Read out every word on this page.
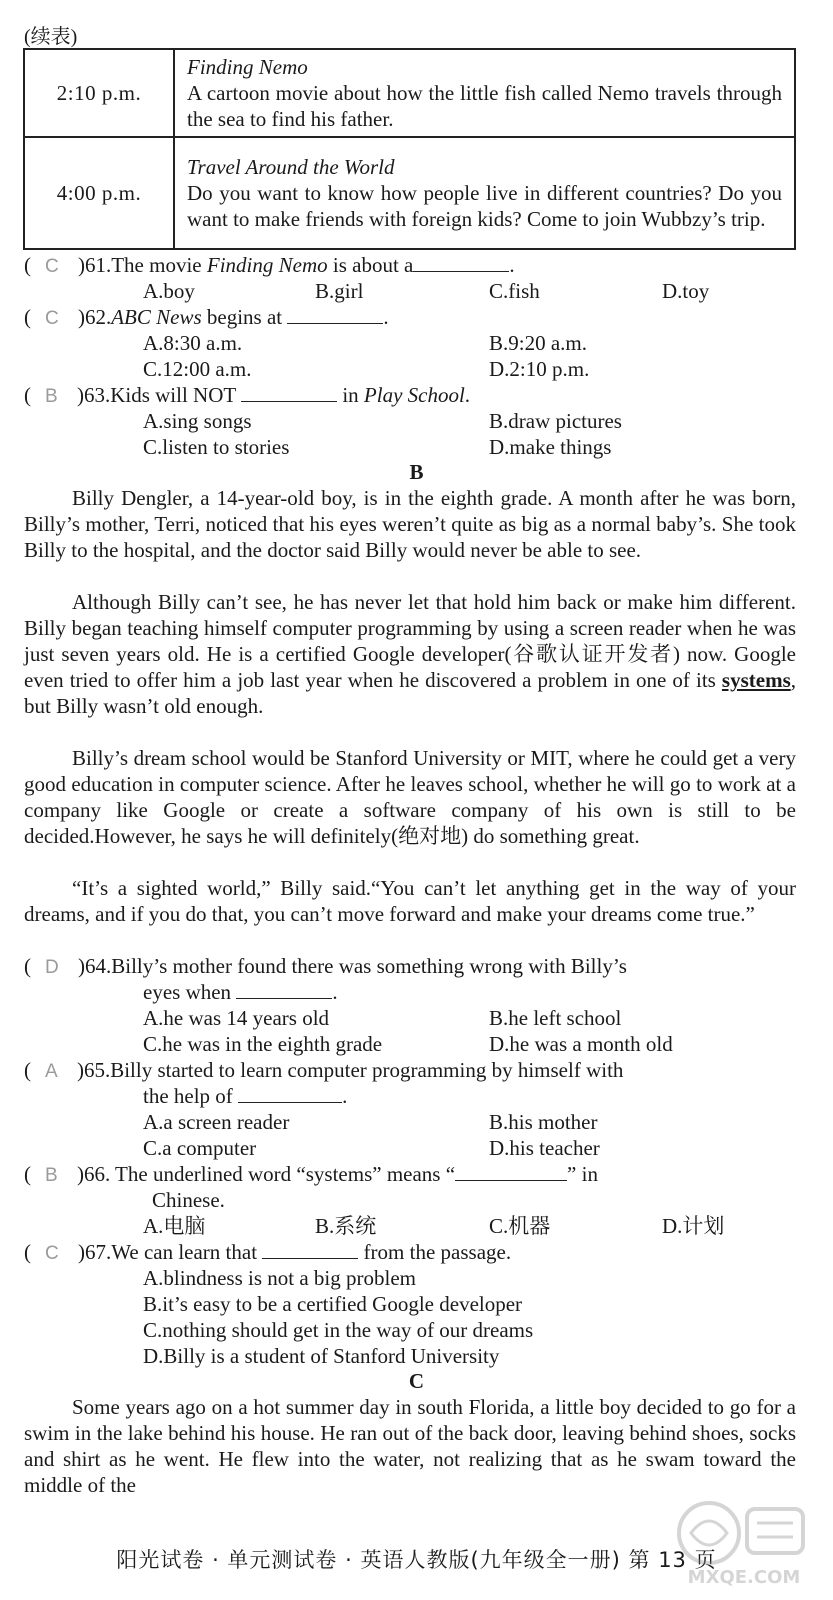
(续表)
2:10 p.m.	Finding Nemo
A cartoon movie about how the little fish called Nemo travels through the sea to find his father.
4:00 p.m.	Travel Around the World
Do you want to know how people live in different countries? Do you want to make friends with foreign kids? Come to join Wubbzy’s trip.
( C )61.The movie Finding Nemo is about a	.
A.boy	B.girl	C.fish	D.toy
( C )62.ABC News begins at	.
A.8:30 a.m.	B.9:20 a.m.
C.12:00 a.m.	D.2:10 p.m.
( B )63.Kids will NOT	in Play School.
A.sing songs	B.draw pictures
C.listen to stories	D.make things
B
Billy Dengler, a 14-year-old boy, is in the eighth grade. A month after he was born, Billy’s mother, Terri, noticed that his eyes weren’t quite as big as a normal baby’s. She took Billy to the hospital, and the doctor said Billy would never be able to see.
Although Billy can’t see, he has never let that hold him back or make him different. Billy began teaching himself computer programming by using a screen reader when he was just seven years old. He is a certified Google developer(谷歌认证开发者) now. Google even tried to offer him a job last year when he discovered a problem in one of its systems, but Billy wasn’t old enough.
Billy’s dream school would be Stanford University or MIT, where he could get a very good education in computer science. After he leaves school, whether he will go to work at a company like Google or create a software company of his own is still to be decided.However, he says he will definitely(绝对地) do something great.
“It’s a sighted world,” Billy said.“You can’t let anything get in the way of your dreams, and if you do that, you can’t move forward and make your dreams come true.”
( D )64.Billy’s mother found there was something wrong with Billy’s
eyes when	.
A.he was 14 years old	B.he left school
C.he was in the eighth grade	D.he was a month old
( A )65.Billy started to learn computer programming by himself with
the help of	.
A.a screen reader	B.his mother
C.a computer	D.his teacher
( B )66. The underlined word “systems” means “	” in
Chinese.
A.电脑	B.系统	C.机器	D.计划
( C )67.We can learn that	from the passage.
A.blindness is not a big problem
B.it’s easy to be a certified Google developer
C.nothing should get in the way of our dreams
D.Billy is a student of Stanford University
C
Some years ago on a hot summer day in south Florida, a little boy decided to go for a swim in the lake behind his house. He ran out of the back door, leaving behind shoes, socks and shirt as he went. He flew into the water, not realizing that as he swam toward the middle of the
阳光试卷 · 单元测试卷 · 英语人教版(九年级全一册) 第 13 页
MXQE.COM
